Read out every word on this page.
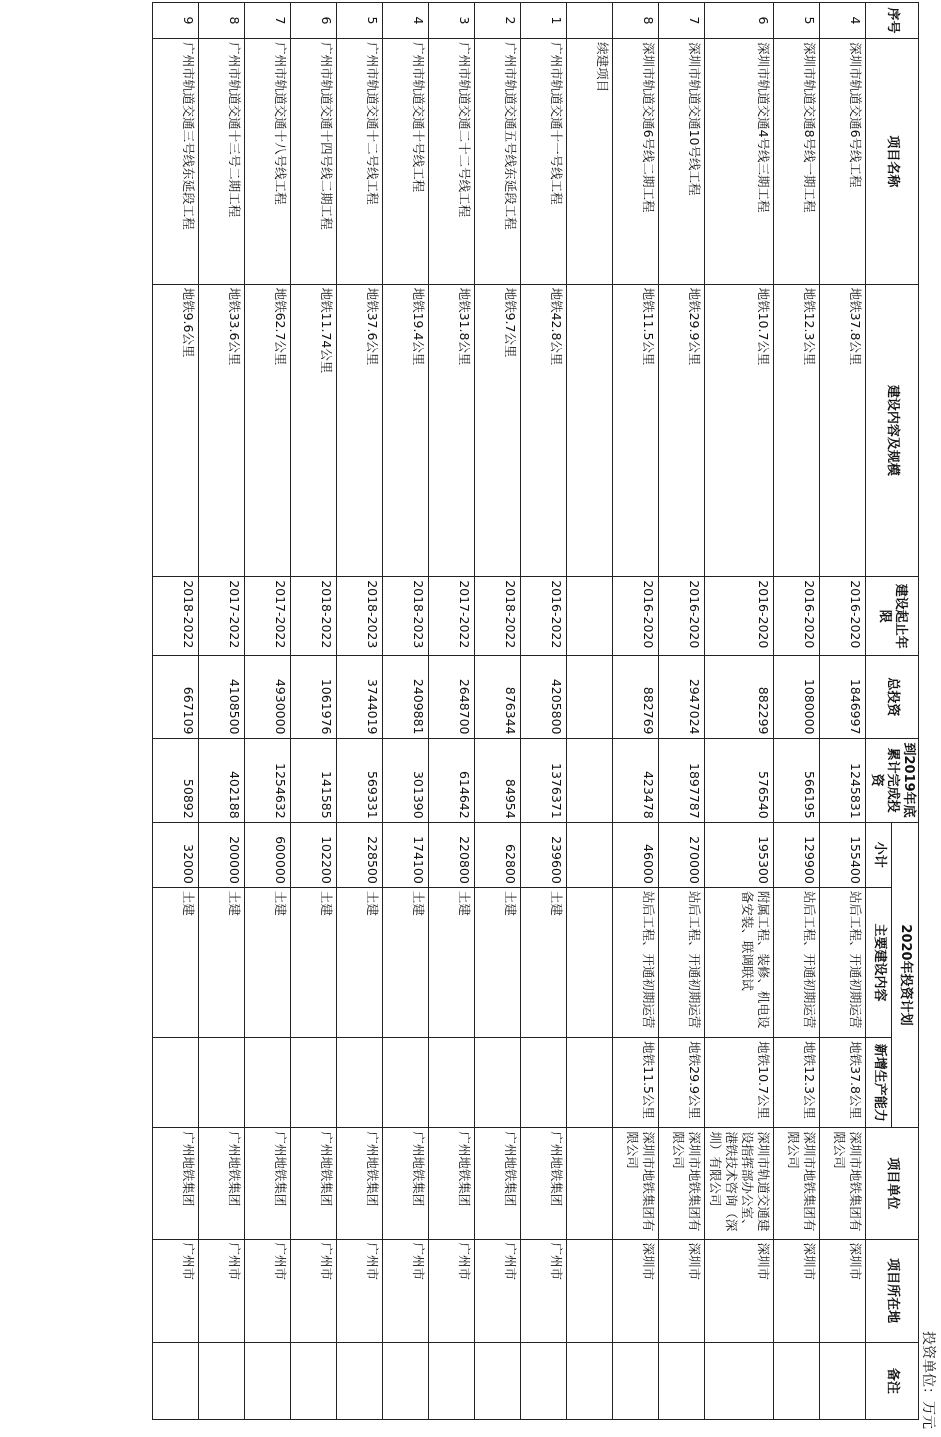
投资单位：万元
序号	项目名称	建设内容及规模	建设起止年限	总投资	到2019年底累计完成投资	2020年投资计划			项目单位	项目所在地	备注
						小计	主要建设内容	新增生产能力			
4	深圳市轨道交通6号线工程	地铁37.8公里	2016-2020	1846997	1245831	155400	站后工程、开通初期运营	地铁37.8公里	深圳市地铁集团有限公司	深圳市	
5	深圳市轨道交通8号线一期工程	地铁12.3公里	2016-2020	1080000	566195	129900	站后工程、开通初期运营	地铁12.3公里	深圳市地铁集团有限公司	深圳市	
6	深圳市轨道交通4号线三期工程	地铁10.7公里	2016-2020	882299	576540	195300	附属工程、装修、机电设备安装、联调联试	地铁10.7公里	深圳市轨道交通建设指挥部办公室、港铁技术咨询（深圳）有限公司	深圳市	
7	深圳市轨道交通10号线工程	地铁29.9公里	2016-2020	2947024	1897787	270000	站后工程、开通初期运营	地铁29.9公里	深圳市地铁集团有限公司	深圳市	
8	深圳市轨道交通6号线二期工程	地铁11.5公里	2016-2020	882769	423478	46000	站后工程、开通初期运营	地铁11.5公里	深圳市地铁集团有限公司	深圳市	
	续建项目										
1	广州市轨道交通十一号线工程	地铁42.8公里	2016-2022	4205800	1376371	239600	土建		广州地铁集团	广州市	
2	广州市轨道交通五号线东延段工程	地铁9.7公里	2018-2022	876344	84954	62800	土建		广州地铁集团	广州市	
3	广州市轨道交通二十二号线工程	地铁31.8公里	2017-2022	2648700	614642	220800	土建		广州地铁集团	广州市	
4	广州市轨道交通十号线工程	地铁19.4公里	2018-2023	2409881	301390	174100	土建		广州地铁集团	广州市	
5	广州市轨道交通十二号线工程	地铁37.6公里	2018-2023	3744019	569331	228500	土建		广州地铁集团	广州市	
6	广州市轨道交通十四号线二期工程	地铁11.74公里	2018-2022	1061976	141585	102200	土建		广州地铁集团	广州市	
7	广州市轨道交通十八号线工程	地铁62.7公里	2017-2022	4930000	1254632	600000	土建		广州地铁集团	广州市	
8	广州市轨道交通十三号二期工程	地铁33.6公里	2017-2022	4108500	402188	200000	土建		广州地铁集团	广州市	
9	广州市轨道交通三号线东延段工程	地铁9.6公里	2018-2022	667109	50892	32000	土建		广州地铁集团	广州市	
